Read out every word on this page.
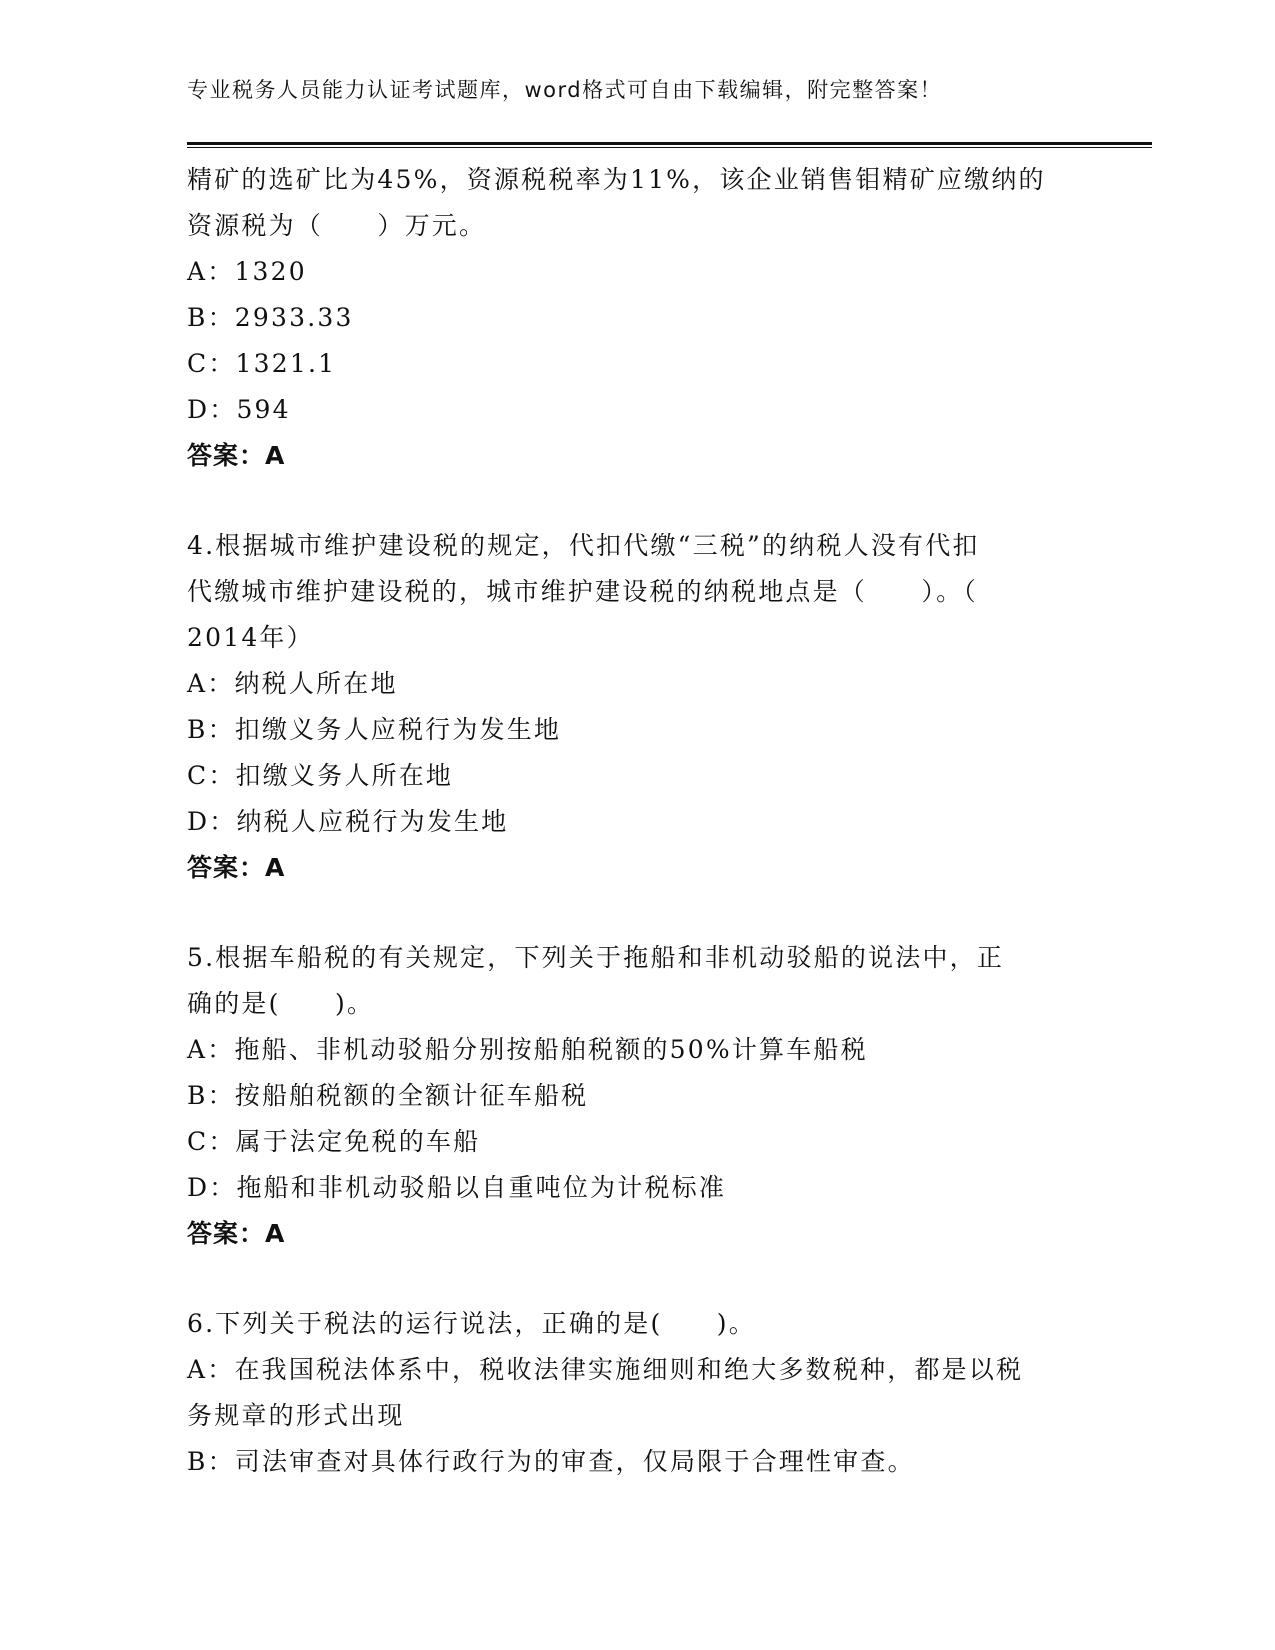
专业税务人员能力认证考试题库，word格式可自由下载编辑，附完整答案！
精矿的选矿比为45%，资源税税率为11%，该企业销售钼精矿应缴纳的
资源税为（　　）万元。
A：1320
B：2933.33
C：1321.1
D：594
答案：A
4.根据城市维护建设税的规定，代扣代缴“三税”的纳税人没有代扣
代缴城市维护建设税的，城市维护建设税的纳税地点是（　　）。（
2014年）
A：纳税人所在地
B：扣缴义务人应税行为发生地
C：扣缴义务人所在地
D：纳税人应税行为发生地
答案：A
5.根据车船税的有关规定，下列关于拖船和非机动驳船的说法中，正
确的是(　　)。
A：拖船、非机动驳船分别按船舶税额的50%计算车船税
B：按船舶税额的全额计征车船税
C：属于法定免税的车船
D：拖船和非机动驳船以自重吨位为计税标准
答案：A
6.下列关于税法的运行说法，正确的是(　　)。
A：在我国税法体系中，税收法律实施细则和绝大多数税种，都是以税
务规章的形式出现
B：司法审查对具体行政行为的审查，仅局限于合理性审查。
